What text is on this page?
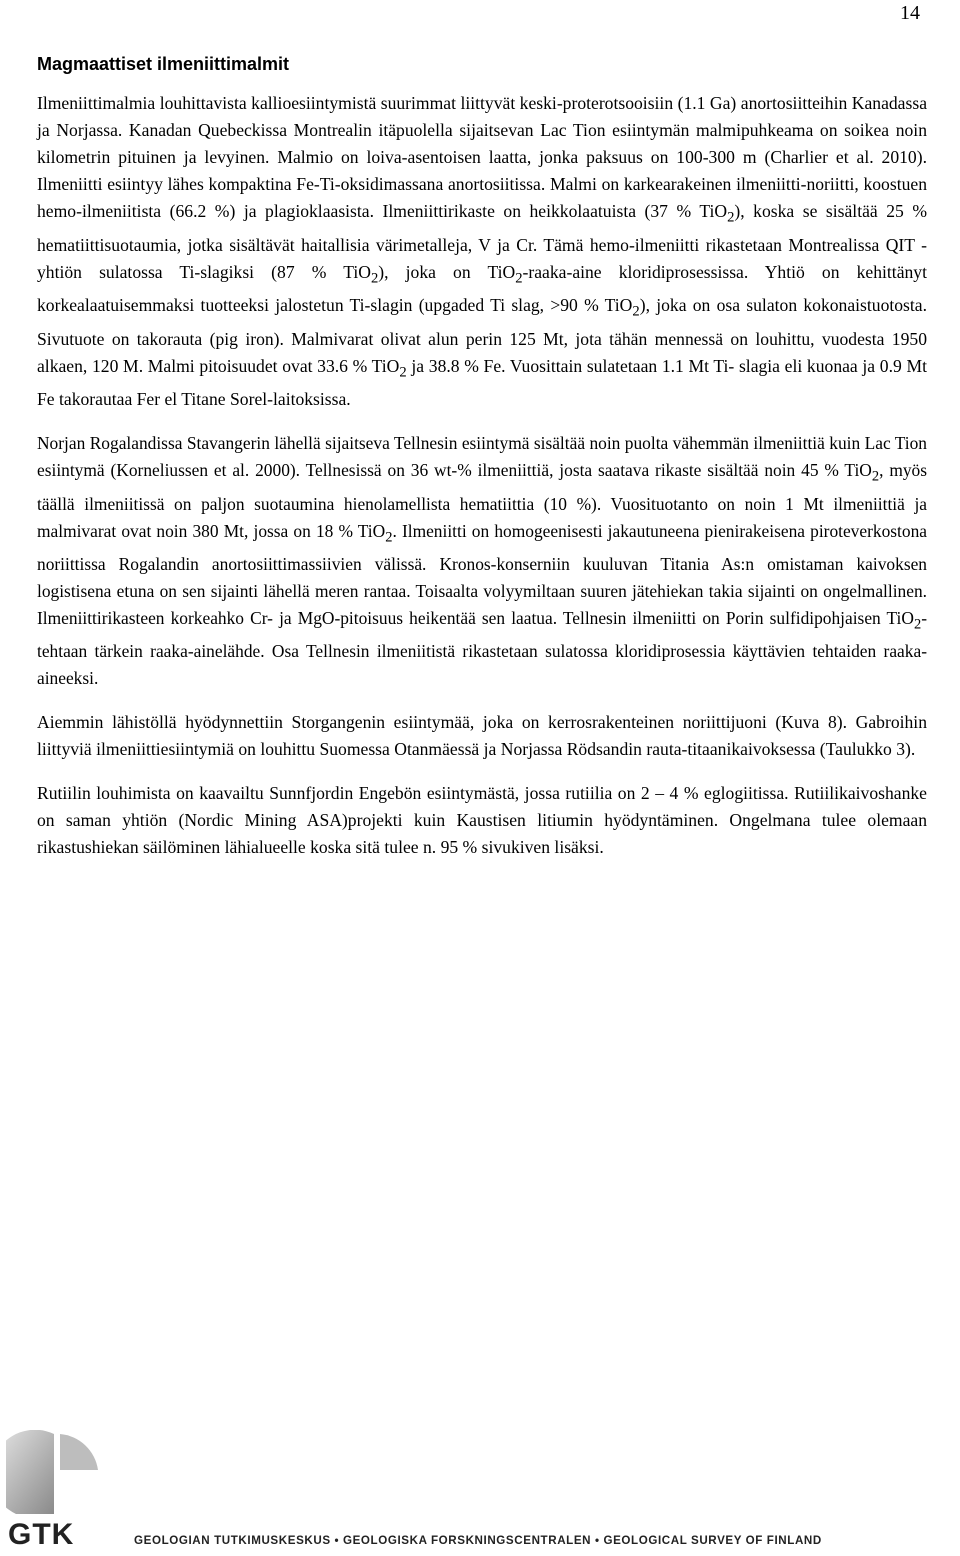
14
Magmaattiset ilmeniittimalmit

Ilmeniittimalmia louhittavista kallioesiintymistä suurimmat liittyvät keski-proterotsooisiin (1.1 Ga) anortosiitteihin Kanadassa ja Norjassa. Kanadan Quebeckissa Montrealin itäpuolella sijaitsevan Lac Tion esiintymän malmipuhkeama on soikea noin kilometrin pituinen ja levyinen. Malmio on loiva-asentoisen laatta, jonka paksuus on 100-300 m (Charlier et al. 2010). Ilmeniitti esiintyy lähes kompaktina Fe-Ti-oksidimassana anortosiitissa. Malmi on karkearakeinen ilmeniitti-noriitti, koostuen hemo-ilmeniitista (66.2 %) ja plagioklaasista. Ilmeniittirikaste on heikkolaatuista (37 % TiO$_2$), koska se sisältää 25 % hematiittisuotaumia, jotka sisältävät haitallisia värimetalleja, V ja Cr. Tämä hemo-ilmeniitti rikastetaan Montrealissa QIT -yhtiön sulatossa Ti-slagiksi (87 % TiO$_2$), joka on TiO$_2$-raaka-aine kloridiprosessissa. Yhtiö on kehittänyt korkealaatuisemmaksi tuotteeksi jalostetun Ti-slagin (upgaded Ti slag, >90 % TiO$_2$), joka on osa sulaton kokonaistuotosta. Sivutuote on takorauta (pig iron). Malmivarat olivat alun perin 125 Mt, jota tähän mennessä on louhittu, vuodesta 1950 alkaen, 120 M. Malmi pitoisuudet ovat 33.6 % TiO$_2$ ja 38.8 % Fe. Vuosittain sulatetaan 1.1 Mt Ti- slagia eli kuonaa ja 0.9 Mt Fe takorautaa Fer el Titane Sorel-laitoksissa.

Norjan Rogalandissa Stavangerin lähellä sijaitseva Tellnesin esiintymä sisältää noin puolta vähemmän ilmeniittiä kuin Lac Tion esiintymä (Korneliussen et al. 2000). Tellnesissä on 36 wt-% ilmeniittiä, josta saatava rikaste sisältää noin 45 % TiO$_2$, myös täällä ilmeniitissä on paljon suotaumina hienolamellista hematiittia (10 %). Vuosituotanto on noin 1 Mt ilmeniittiä ja malmivarat ovat noin 380 Mt, jossa on 18 % TiO$_2$. Ilmeniitti on homogeenisesti jakautuneena pienirakeisena piroteverkostona noriittissa Rogalandin anortosiittimassiivien välissä. Kronos-konserniin kuuluvan Titania As:n omistaman kaivoksen logistisena etuna on sen sijainti lähellä meren rantaa. Toisaalta volyymiltaan suuren jätehiekan takia sijainti on ongelmallinen. Ilmeniittirikasteen korkeahko Cr- ja MgO-pitoisuus heikentää sen laatua. Tellnesin ilmeniitti on Porin sulfidipohjaisen TiO$_2$-tehtaan tärkein raaka-ainelähde. Osa Tellnesin ilmeniitistä rikastetaan sulatossa kloridiprosessia käyttävien tehtaiden raaka-aineeksi.

Aiemmin lähistöllä hyödynnettiin Storgangenin esiintymää, joka on kerrosrakenteinen noriittijuoni (Kuva 8). Gabroihin liittyviä ilmeniittiesiintymiä on louhittu Suomessa Otanmäessä ja Norjassa Rödsandin rauta-titaanikaivoksessa (Taulukko 3).

Rutiilin louhimista on kaavailtu Sunnfjordin Engebön esiintymästä, jossa rutiilia on 2 – 4 % eglogiitissa. Rutiilikaivoshanke on saman yhtiön (Nordic Mining ASA)projekti kuin Kaustisen litiumin hyödyntäminen. Ongelmana tulee olemaan rikastushiekan säilöminen lähialueelle koska sitä tulee n. 95 % sivukiven lisäksi.

GTK	GEOLOGIAN TUTKIMUSKESKUS • GEOLOGISKA FORSKNINGSCENTRALEN • GEOLOGICAL SURVEY OF FINLAND
